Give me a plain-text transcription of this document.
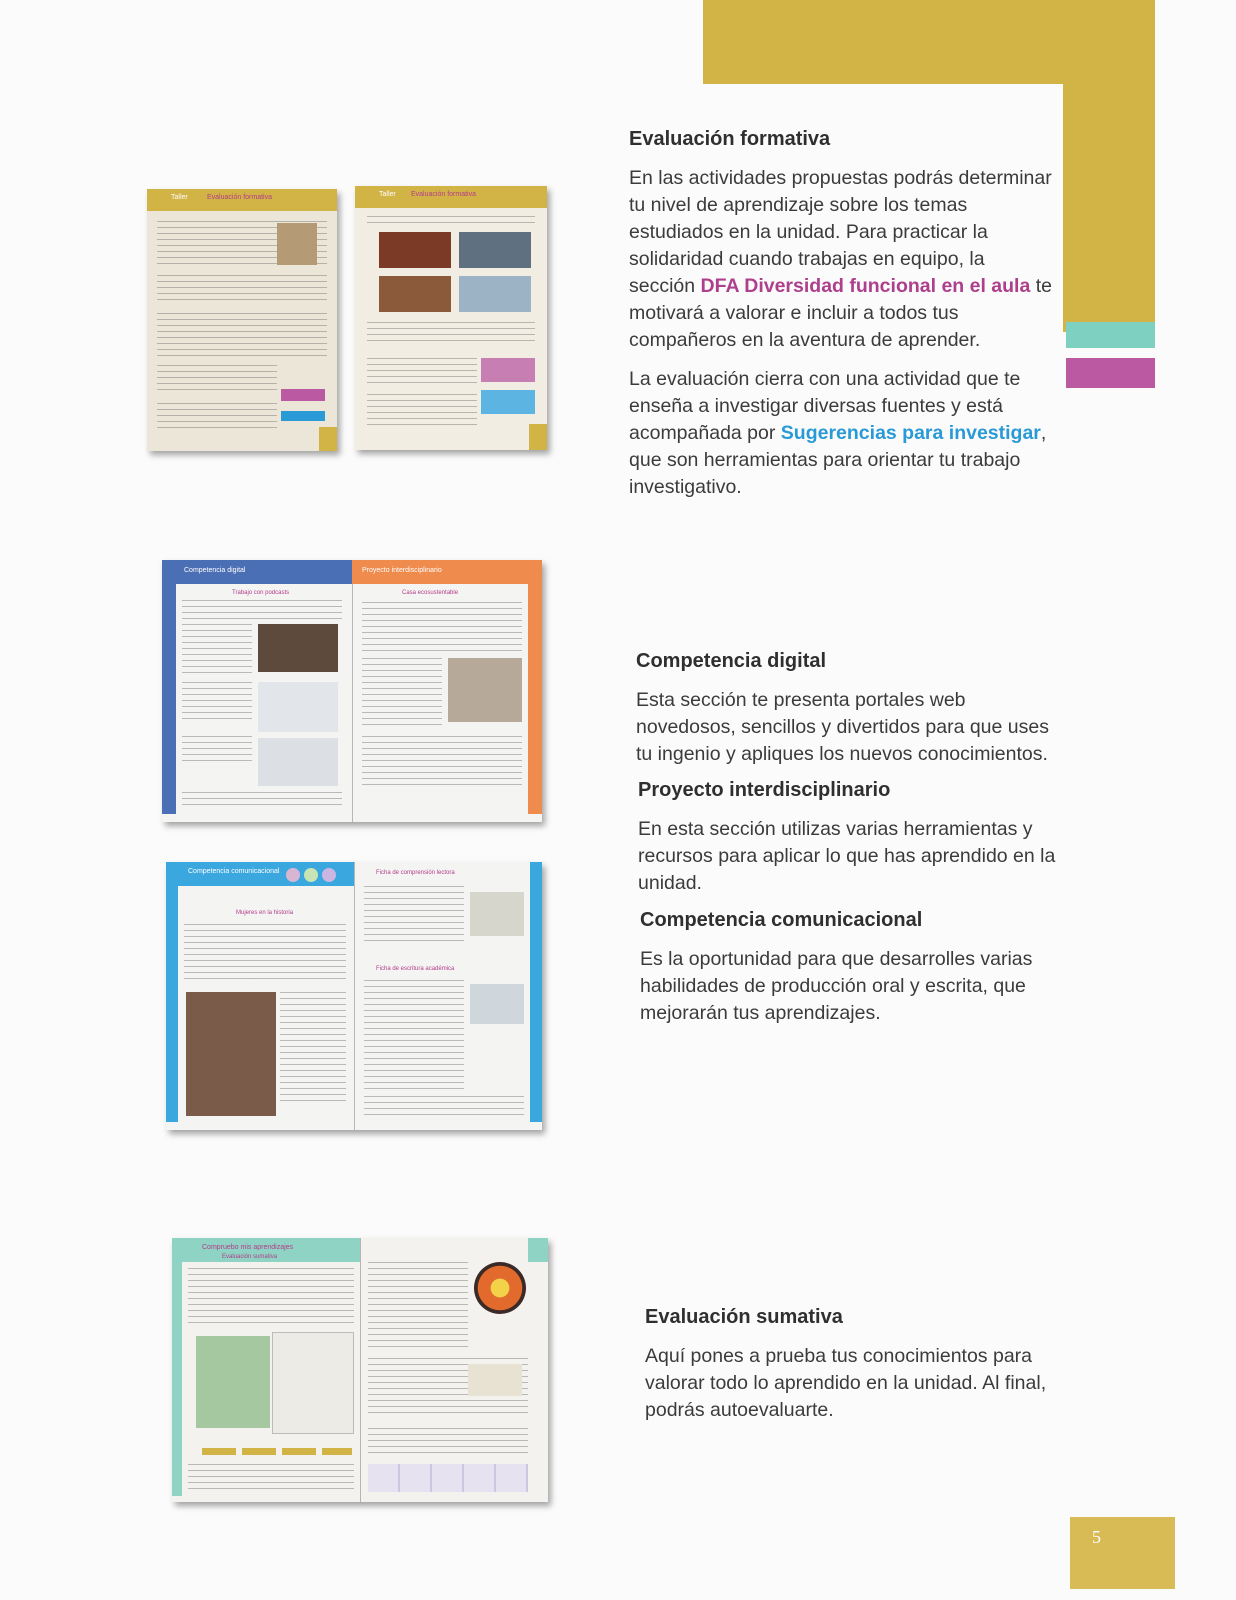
5
Evaluación formativa

En las actividades propuestas podrás determinar tu nivel de aprendizaje sobre los temas estudiados en la unidad. Para practicar la solidaridad cuando trabajas en equipo, la sección DFA Diversidad funcional en el aula te motivará a valorar e incluir a todos tus compañeros en la aventura de aprender.

La evaluación cierra con una actividad que te enseña a investigar diversas fuentes y está acompañada por Sugerencias para investigar, que son herramientas para orientar tu trabajo investigativo.

Competencia digital

Esta sección te presenta portales web novedosos, sencillos y divertidos para que uses tu ingenio y apliques los nuevos conocimientos.

Proyecto interdisciplinario

En esta sección utilizas varias herramientas y recursos para aplicar lo que has aprendido en la unidad.

Competencia comunicacional

Es la oportunidad para que desarrolles varias habilidades de producción oral y escrita, que mejorarán tus aprendizajes.

Evaluación sumativa

Aquí pones a prueba tus conocimientos para valorar todo lo aprendido en la unidad. Al final, podrás autoevaluarte.

Taller	Evaluación formativa	Taller Evaluación formativa
Competencia digital
Trabajo con podcasts
Proyecto interdisciplinario
Casa ecosustentable
Competencia comunicacional
Mujeres en la historia
Ficha de comprensión lectora
Ficha de escritura académica
Compruebo mis aprendizajes
Evaluación sumativa
